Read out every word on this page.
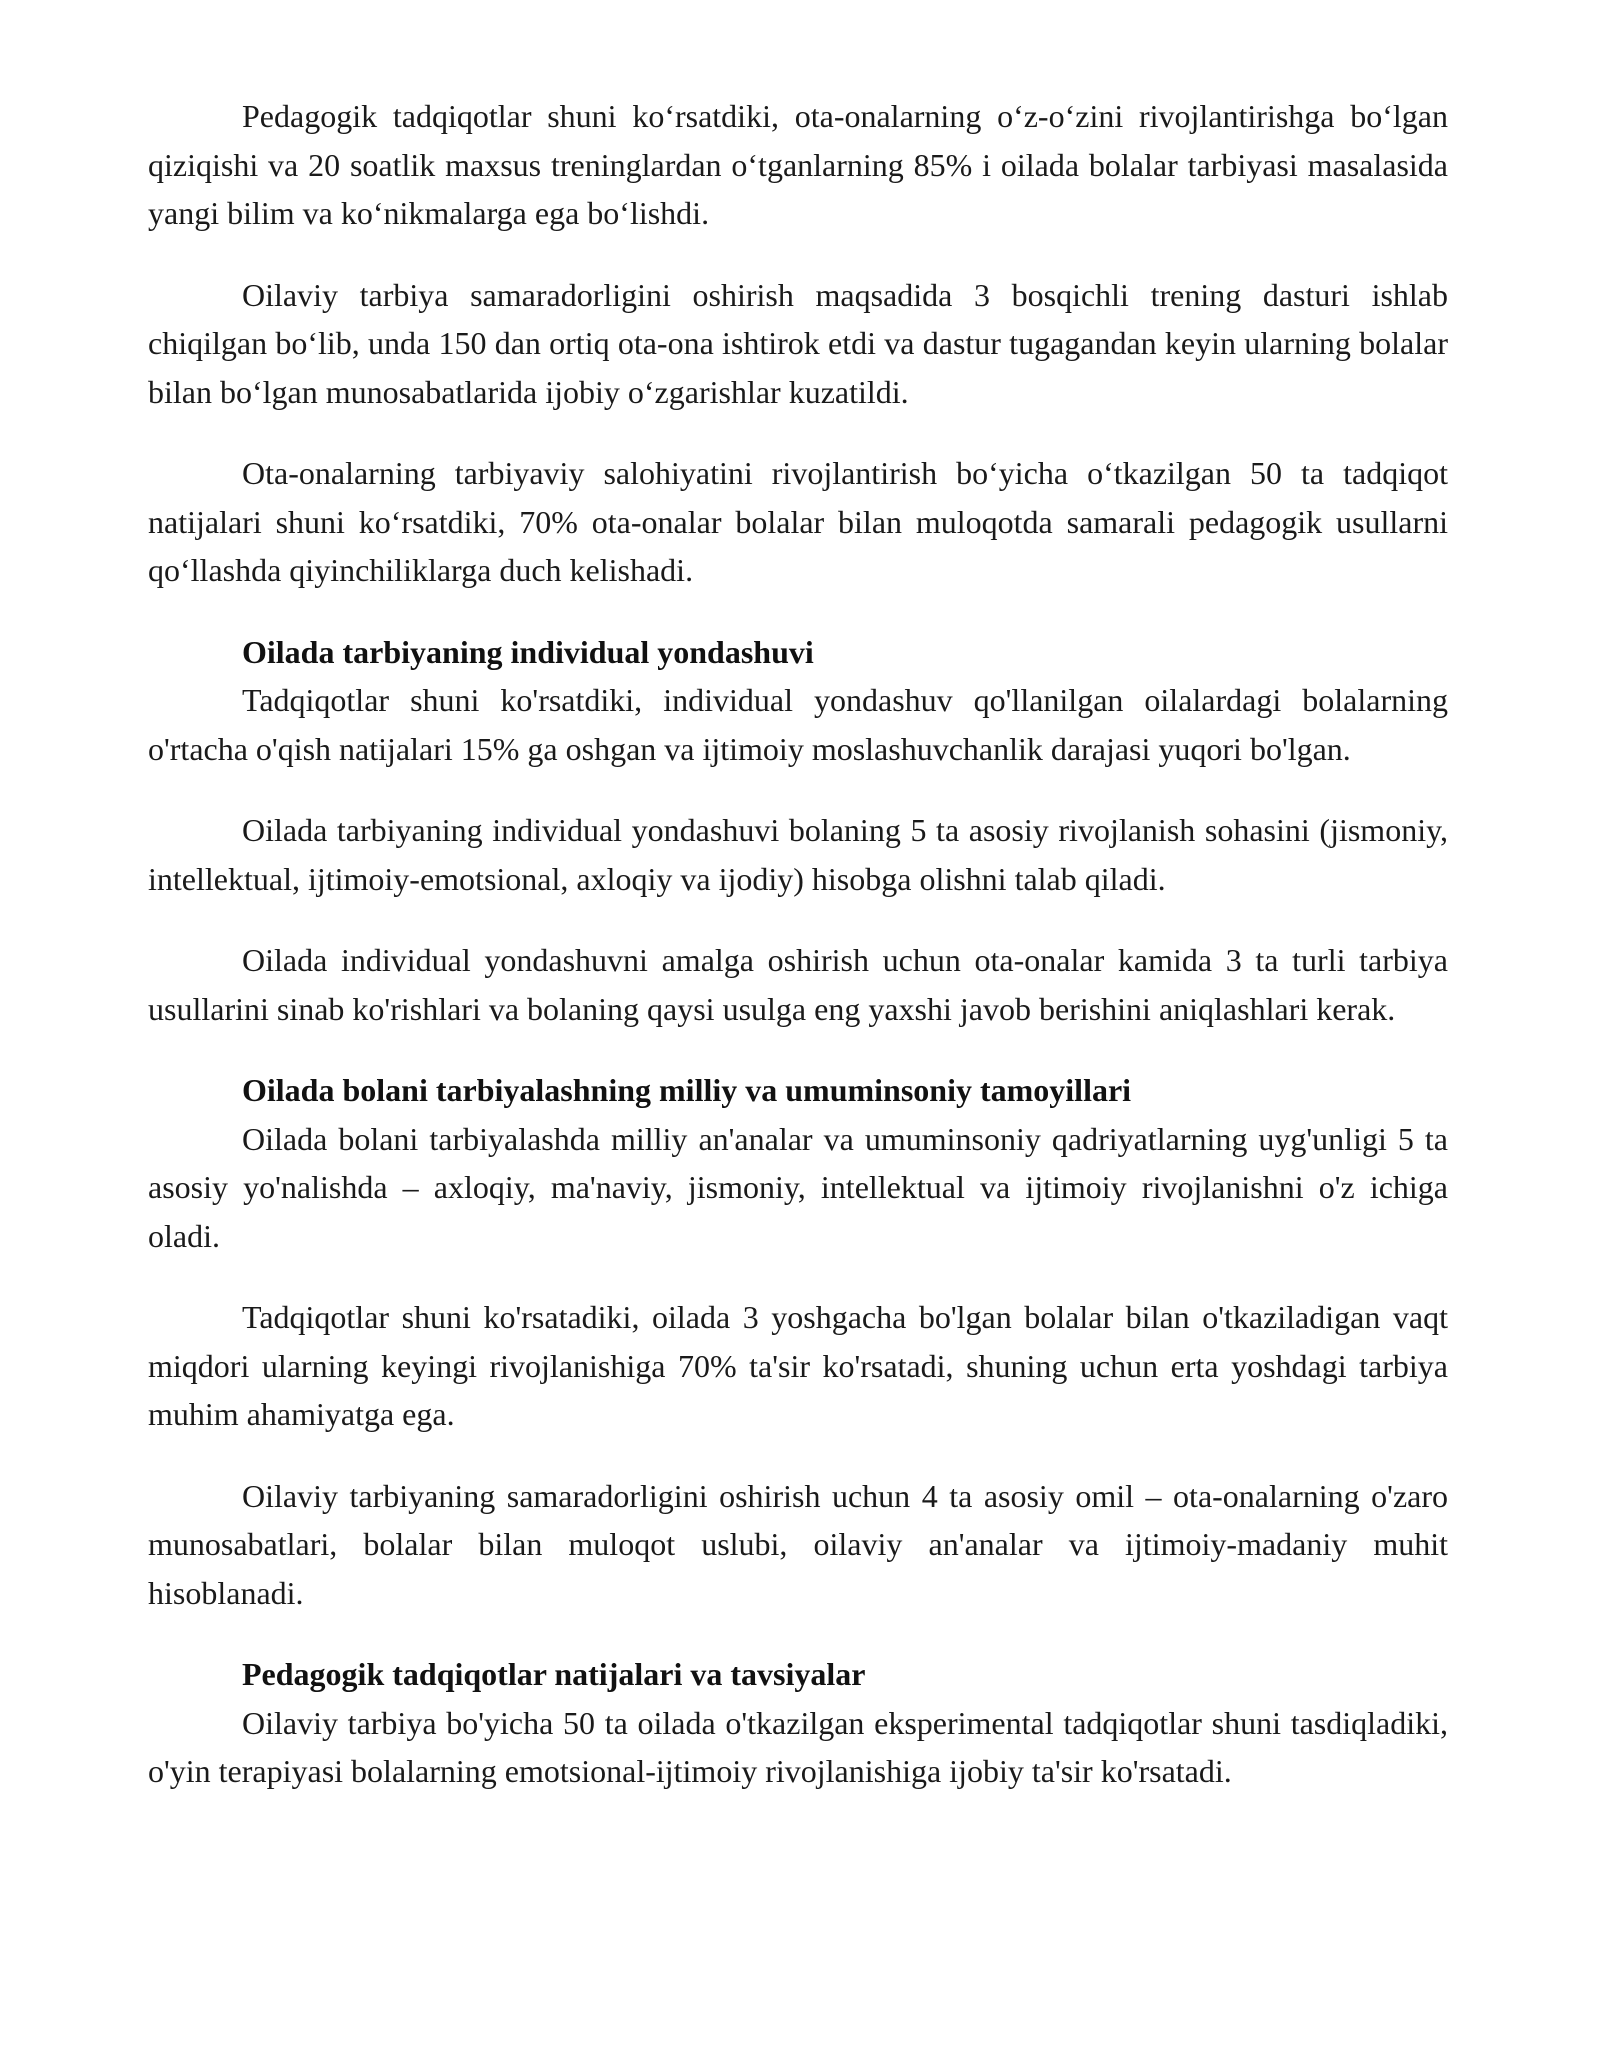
Pedagogik tadqiqotlar shuni koʻrsatdiki, ota-onalarning oʻz-oʻzini rivojlantirishga boʻlgan qiziqishi va 20 soatlik maxsus treninglardan oʻtganlarning 85% i oilada bolalar tarbiyasi masalasida yangi bilim va koʻnikmalarga ega boʻlishdi.

Oilaviy tarbiya samaradorligini oshirish maqsadida 3 bosqichli trening dasturi ishlab chiqilgan boʻlib, unda 150 dan ortiq ota-ona ishtirok etdi va dastur tugagandan keyin ularning bolalar bilan boʻlgan munosabatlarida ijobiy oʻzgarishlar kuzatildi.

Ota-onalarning tarbiyaviy salohiyatini rivojlantirish boʻyicha oʻtkazilgan 50 ta tadqiqot natijalari shuni koʻrsatdiki, 70% ota-onalar bolalar bilan muloqotda samarali pedagogik usullarni qoʻllashda qiyinchiliklarga duch kelishadi.

Oilada tarbiyaning individual yondashuvi

Tadqiqotlar shuni ko'rsatdiki, individual yondashuv qo'llanilgan oilalardagi bolalarning o'rtacha o'qish natijalari 15% ga oshgan va ijtimoiy moslashuvchanlik darajasi yuqori bo'lgan.

Oilada tarbiyaning individual yondashuvi bolaning 5 ta asosiy rivojlanish sohasini (jismoniy, intellektual, ijtimoiy-emotsional, axloqiy va ijodiy) hisobga olishni talab qiladi.

Oilada individual yondashuvni amalga oshirish uchun ota-onalar kamida 3 ta turli tarbiya usullarini sinab ko'rishlari va bolaning qaysi usulga eng yaxshi javob berishini aniqlashlari kerak.

Oilada bolani tarbiyalashning milliy va umuminsoniy tamoyillari

Oilada bolani tarbiyalashda milliy an'analar va umuminsoniy qadriyatlarning uyg'unligi 5 ta asosiy yo'nalishda – axloqiy, ma'naviy, jismoniy, intellektual va ijtimoiy rivojlanishni o'z ichiga oladi.

Tadqiqotlar shuni ko'rsatadiki, oilada 3 yoshgacha bo'lgan bolalar bilan o'tkaziladigan vaqt miqdori ularning keyingi rivojlanishiga 70% ta'sir ko'rsatadi, shuning uchun erta yoshdagi tarbiya muhim ahamiyatga ega.

Oilaviy tarbiyaning samaradorligini oshirish uchun 4 ta asosiy omil – ota-onalarning o'zaro munosabatlari, bolalar bilan muloqot uslubi, oilaviy an'analar va ijtimoiy-madaniy muhit hisoblanadi.

Pedagogik tadqiqotlar natijalari va tavsiyalar

Oilaviy tarbiya bo'yicha 50 ta oilada o'tkazilgan eksperimental tadqiqotlar shuni tasdiqladiki, o'yin terapiyasi bolalarning emotsional-ijtimoiy rivojlanishiga ijobiy ta'sir ko'rsatadi.
